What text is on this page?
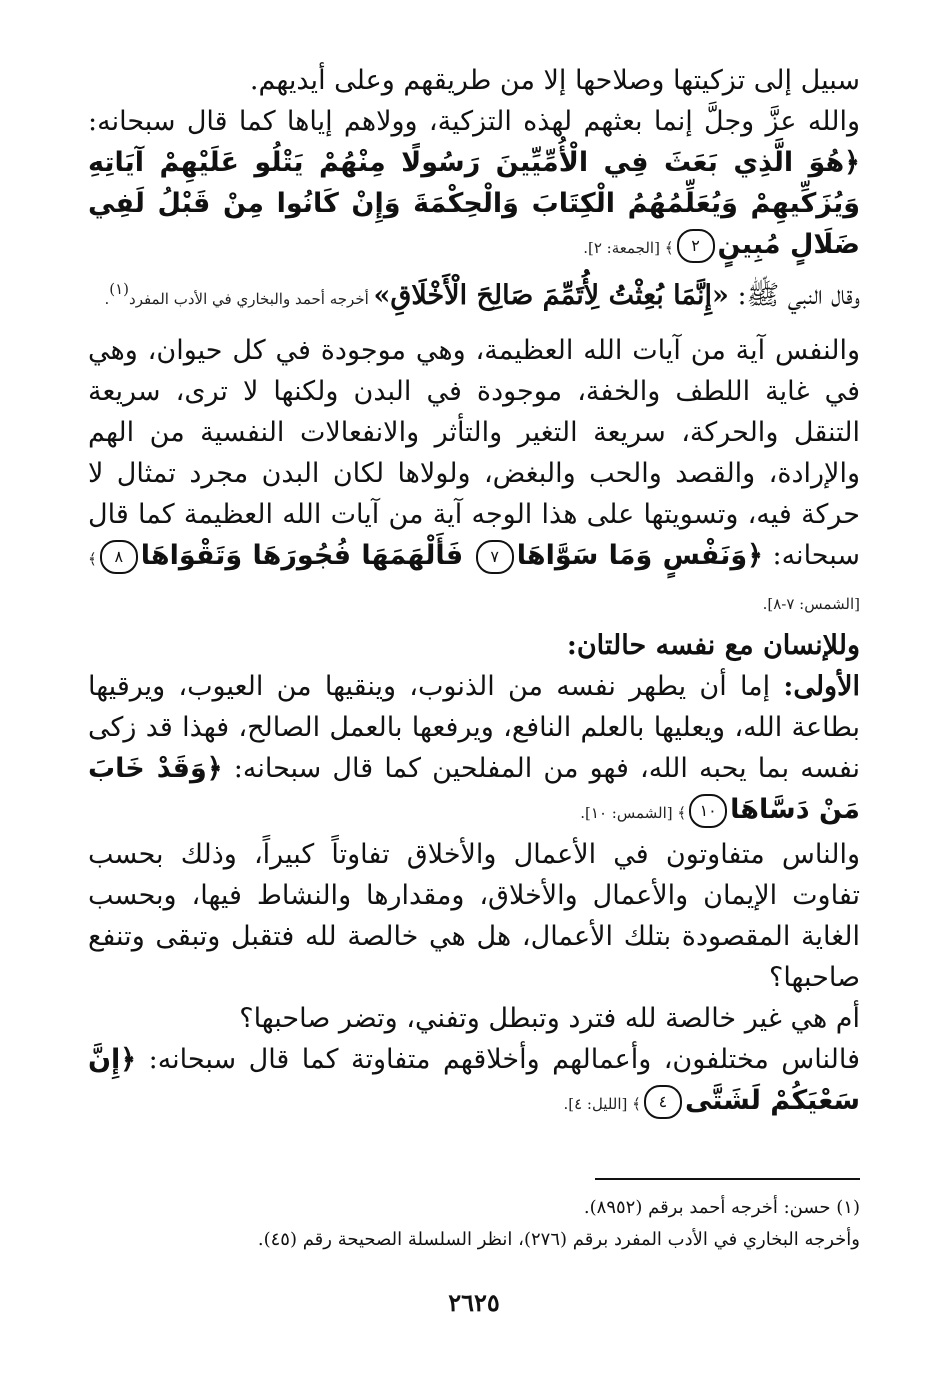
سبيل إلى تزكيتها وصلاحها إلا من طريقهم وعلى أيديهم.

والله عزَّ وجلَّ إنما بعثهم لهذه التزكية، وولاهم إياها كما قال سبحانه: ﴿هُوَ الَّذِي بَعَثَ فِي الْأُمِّيِّينَ رَسُولًا مِنْهُمْ يَتْلُو عَلَيْهِمْ آيَاتِهِ وَيُزَكِّيهِمْ وَيُعَلِّمُهُمُ الْكِتَابَ وَالْحِكْمَةَ وَإِنْ كَانُوا مِنْ قَبْلُ لَفِي ضَلَالٍ مُبِينٍ٢﴾ [الجمعة: ٢].

وقال النبي ﷺ: «إِنَّمَا بُعِثْتُ لِأُتَمِّمَ صَالِحَ الْأَخْلَاقِ» أخرجه أحمد والبخاري في الأدب المفرد$^{(١)}$.

والنفس آية من آيات الله العظيمة، وهي موجودة في كل حيوان، وهي في غاية اللطف والخفة، موجودة في البدن ولكنها لا ترى، سريعة التنقل والحركة، سريعة التغير والتأثر والانفعالات النفسية من الهم والإرادة، والقصد والحب والبغض، ولولاها لكان البدن مجرد تمثال لا حركة فيه، وتسويتها على هذا الوجه آية من آيات الله العظيمة كما قال سبحانه: ﴿وَنَفْسٍ وَمَا سَوَّاهَا٧ فَأَلْهَمَهَا فُجُورَهَا وَتَقْوَاهَا٨﴾ [الشمس: ٧-٨].

وللإنسان مع نفسه حالتان:

الأولى: إما أن يطهر نفسه من الذنوب، وينقيها من العيوب، ويرقيها بطاعة الله، ويعليها بالعلم النافع، ويرفعها بالعمل الصالح، فهذا قد زكى نفسه بما يحبه الله، فهو من المفلحين كما قال سبحانه: ﴿وَقَدْ خَابَ مَنْ دَسَّاهَا١٠﴾ [الشمس: ١٠].

والناس متفاوتون في الأعمال والأخلاق تفاوتاً كبيراً، وذلك بحسب تفاوت الإيمان والأعمال والأخلاق، ومقدارها والنشاط فيها، وبحسب الغاية المقصودة بتلك الأعمال، هل هي خالصة لله فتقبل وتبقى وتنفع صاحبها؟

أم هي غير خالصة لله فترد وتبطل وتفني، وتضر صاحبها؟

فالناس مختلفون، وأعمالهم وأخلاقهم متفاوتة كما قال سبحانه: ﴿إِنَّ سَعْيَكُمْ لَشَتَّى٤﴾ [الليل: ٤].

(١) حسن: أخرجه أحمد برقم (٨٩٥٢).
وأخرجه البخاري في الأدب المفرد برقم (٢٧٦)، انظر السلسلة الصحيحة رقم (٤٥).
٢٦٢٥
